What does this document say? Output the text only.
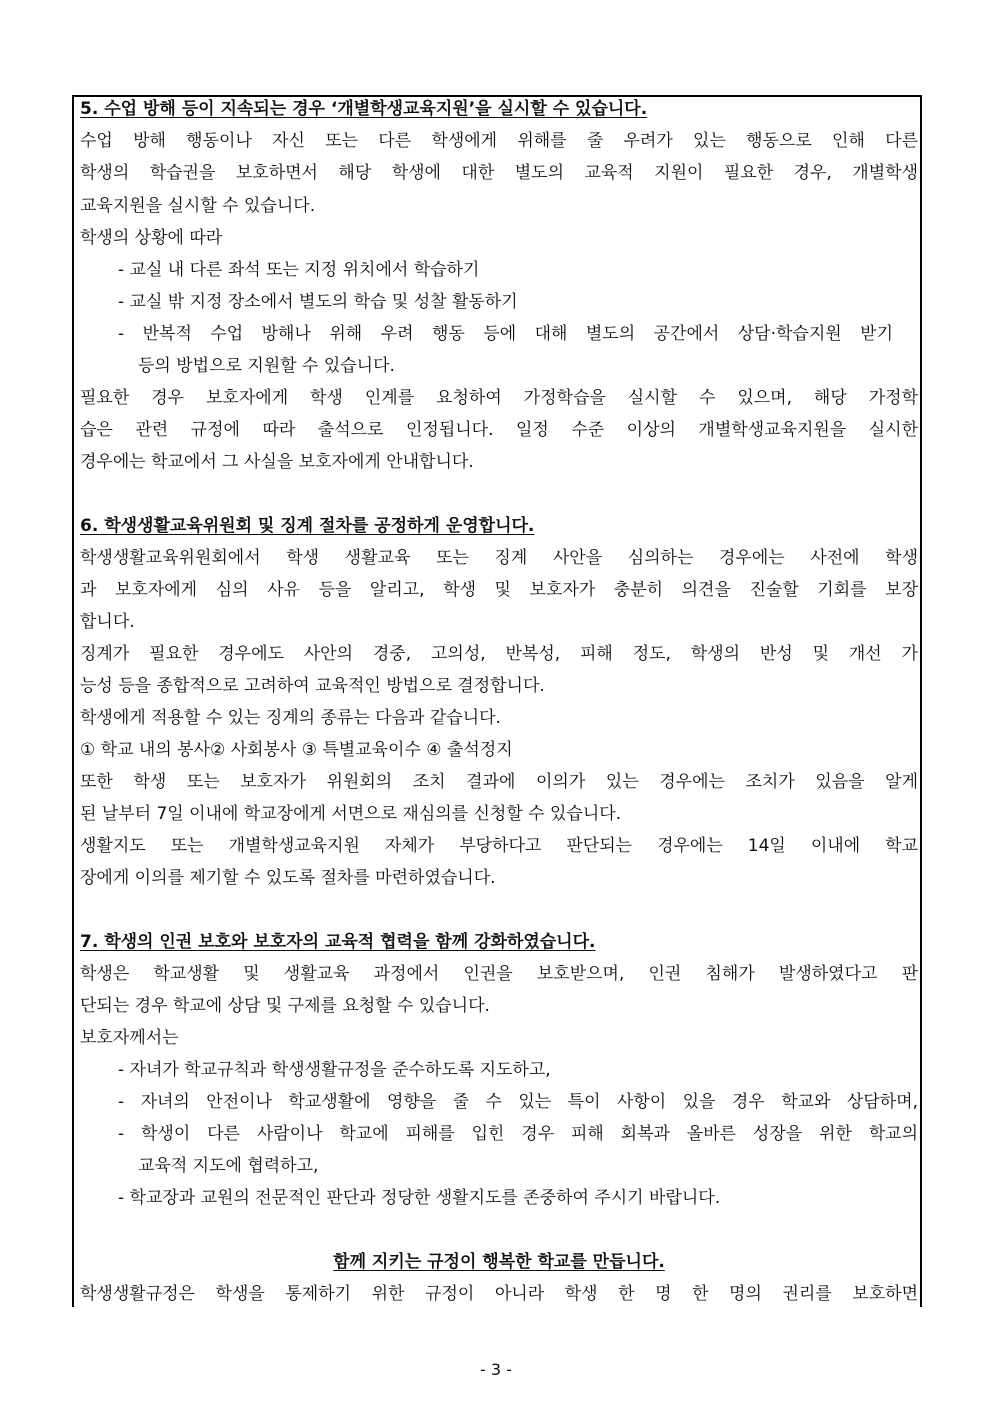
5. 수업 방해 등이 지속되는 경우 ‘개별학생교육지원’을 실시할 수 있습니다.
수업 방해 행동이나 자신 또는 다른 학생에게 위해를 줄 우려가 있는 행동으로 인해 다른
학생의 학습권을 보호하면서 해당 학생에 대한 별도의 교육적 지원이 필요한 경우, 개별학생
교육지원을 실시할 수 있습니다.
학생의 상황에 따라
- 교실 내 다른 좌석 또는 지정 위치에서 학습하기
- 교실 밖 지정 장소에서 별도의 학습 및 성찰 활동하기
- 반복적 수업 방해나 위해 우려 행동 등에 대해 별도의 공간에서 상담·학습지원 받기
등의 방법으로 지원할 수 있습니다.
필요한 경우 보호자에게 학생 인계를 요청하여 가정학습을 실시할 수 있으며, 해당 가정학
습은 관련 규정에 따라 출석으로 인정됩니다. 일정 수준 이상의 개별학생교육지원을 실시한
경우에는 학교에서 그 사실을 보호자에게 안내합니다.
6. 학생생활교육위원회 및 징계 절차를 공정하게 운영합니다.
학생생활교육위원회에서 학생 생활교육 또는 징계 사안을 심의하는 경우에는 사전에 학생
과 보호자에게 심의 사유 등을 알리고, 학생 및 보호자가 충분히 의견을 진술할 기회를 보장
합니다.
징계가 필요한 경우에도 사안의 경중, 고의성, 반복성, 피해 정도, 학생의 반성 및 개선 가
능성 등을 종합적으로 고려하여 교육적인 방법으로 결정합니다.
학생에게 적용할 수 있는 징계의 종류는 다음과 같습니다.
① 학교 내의 봉사② 사회봉사 ③ 특별교육이수 ④ 출석정지
또한 학생 또는 보호자가 위원회의 조치 결과에 이의가 있는 경우에는 조치가 있음을 알게
된 날부터 7일 이내에 학교장에게 서면으로 재심의를 신청할 수 있습니다.
생활지도 또는 개별학생교육지원 자체가 부당하다고 판단되는 경우에는 14일 이내에 학교
장에게 이의를 제기할 수 있도록 절차를 마련하였습니다.
7. 학생의 인권 보호와 보호자의 교육적 협력을 함께 강화하였습니다.
학생은 학교생활 및 생활교육 과정에서 인권을 보호받으며, 인권 침해가 발생하였다고 판
단되는 경우 학교에 상담 및 구제를 요청할 수 있습니다.
보호자께서는
- 자녀가 학교규칙과 학생생활규정을 준수하도록 지도하고,
- 자녀의 안전이나 학교생활에 영향을 줄 수 있는 특이 사항이 있을 경우 학교와 상담하며,
- 학생이 다른 사람이나 학교에 피해를 입힌 경우 피해 회복과 올바른 성장을 위한 학교의
교육적 지도에 협력하고,
- 학교장과 교원의 전문적인 판단과 정당한 생활지도를 존중하여 주시기 바랍니다.
함께 지키는 규정이 행복한 학교를 만듭니다.
학생생활규정은 학생을 통제하기 위한 규정이 아니라 학생 한 명 한 명의 권리를 보호하면
- 3 -
